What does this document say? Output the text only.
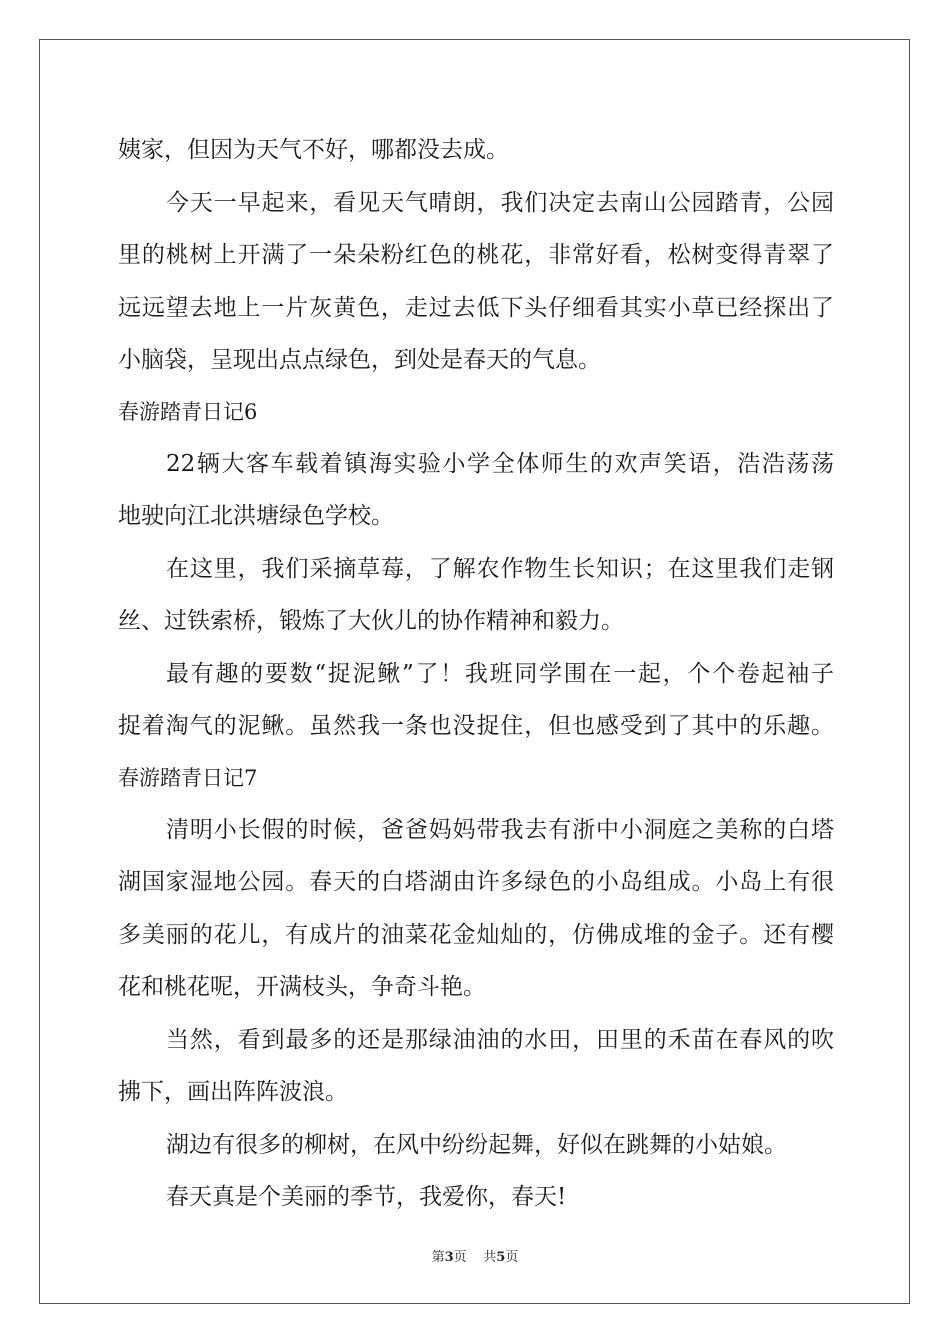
姨家，但因为天气不好，哪都没去成。
今天一早起来，看见天气晴朗，我们决定去南山公园踏青，公园
里的桃树上开满了一朵朵粉红色的桃花，非常好看，松树变得青翠了
远远望去地上一片灰黄色，走过去低下头仔细看其实小草已经探出了
小脑袋，呈现出点点绿色，到处是春天的气息。
春游踏青日记6
22辆大客车载着镇海实验小学全体师生的欢声笑语，浩浩荡荡
地驶向江北洪塘绿色学校。
在这里，我们采摘草莓，了解农作物生长知识；在这里我们走钢
丝、过铁索桥，锻炼了大伙儿的协作精神和毅力。
最有趣的要数“捉泥鳅”了！我班同学围在一起，个个卷起袖子
捉着淘气的泥鳅。虽然我一条也没捉住，但也感受到了其中的乐趣。
春游踏青日记7
清明小长假的时候，爸爸妈妈带我去有浙中小洞庭之美称的白塔
湖国家湿地公园。春天的白塔湖由许多绿色的小岛组成。小岛上有很
多美丽的花儿，有成片的油菜花金灿灿的，仿佛成堆的金子。还有樱
花和桃花呢，开满枝头，争奇斗艳。
当然，看到最多的还是那绿油油的水田，田里的禾苗在春风的吹
拂下，画出阵阵波浪。
湖边有很多的柳树，在风中纷纷起舞，好似在跳舞的小姑娘。
春天真是个美丽的季节，我爱你，春天!
第3页 共5页
